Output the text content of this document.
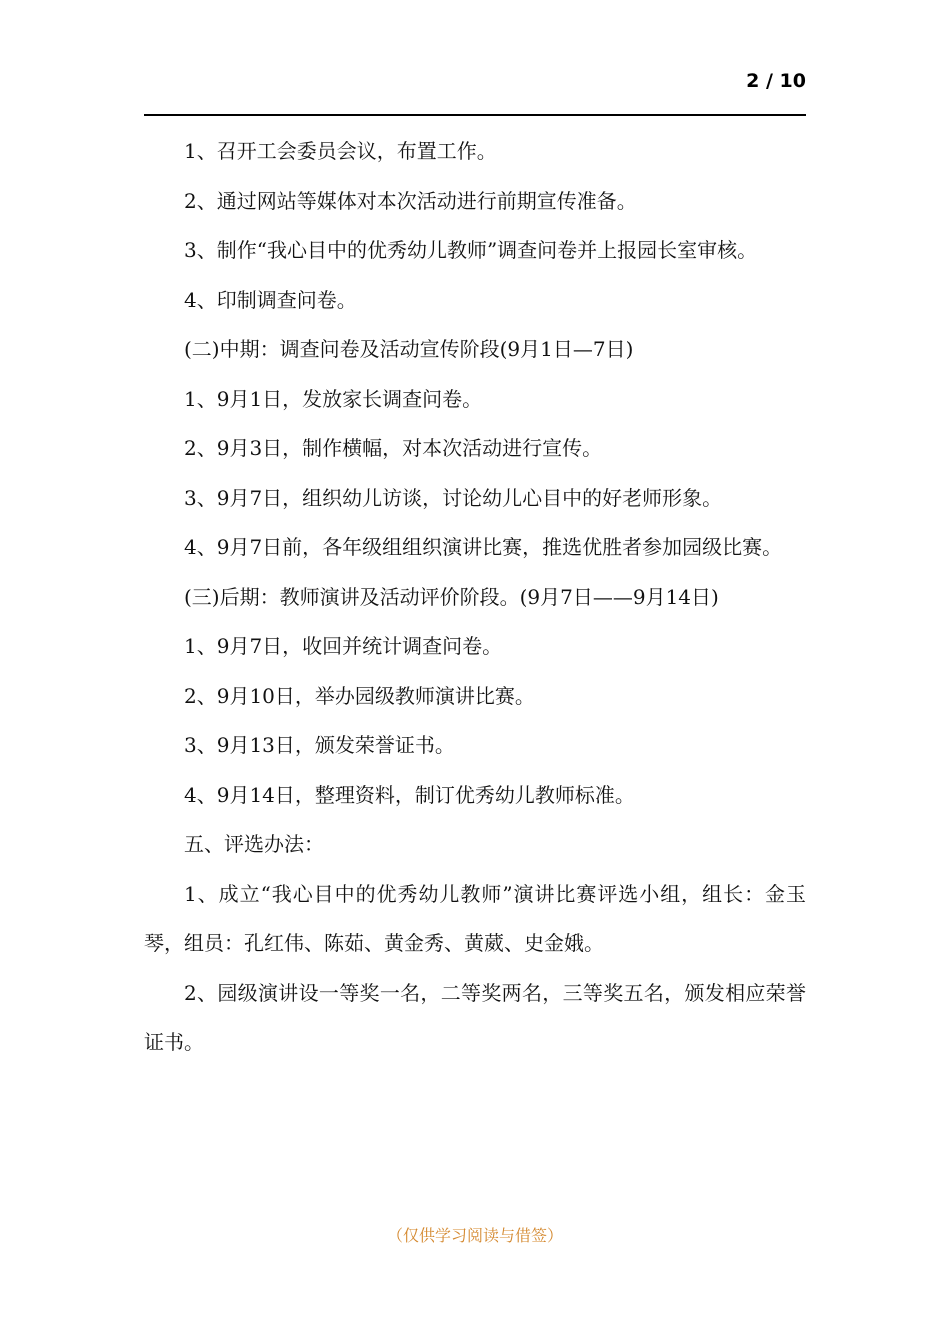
2 / 10

1、召开工会委员会议，布置工作。

2、通过网站等媒体对本次活动进行前期宣传准备。

3、制作“我心目中的优秀幼儿教师”调查问卷并上报园长室审核。

4、印制调查问卷。

(二)中期：调查问卷及活动宣传阶段(9月1日—7日)

1、9月1日，发放家长调查问卷。

2、9月3日，制作横幅，对本次活动进行宣传。

3、9月7日，组织幼儿访谈，讨论幼儿心目中的好老师形象。

4、9月7日前，各年级组组织演讲比赛，推选优胜者参加园级比赛。

(三)后期：教师演讲及活动评价阶段。(9月7日——9月14日)

1、9月7日，收回并统计调查问卷。

2、9月10日，举办园级教师演讲比赛。

3、9月13日，颁发荣誉证书。

4、9月14日，整理资料，制订优秀幼儿教师标准。

五、评选办法：

1、成立“我心目中的优秀幼儿教师”演讲比赛评选小组，组长：金玉琴，组员：孔红伟、陈茹、黄金秀、黄葳、史金娥。

2、园级演讲设一等奖一名，二等奖两名，三等奖五名，颁发相应荣誉证书。

（仅供学习阅读与借签）
